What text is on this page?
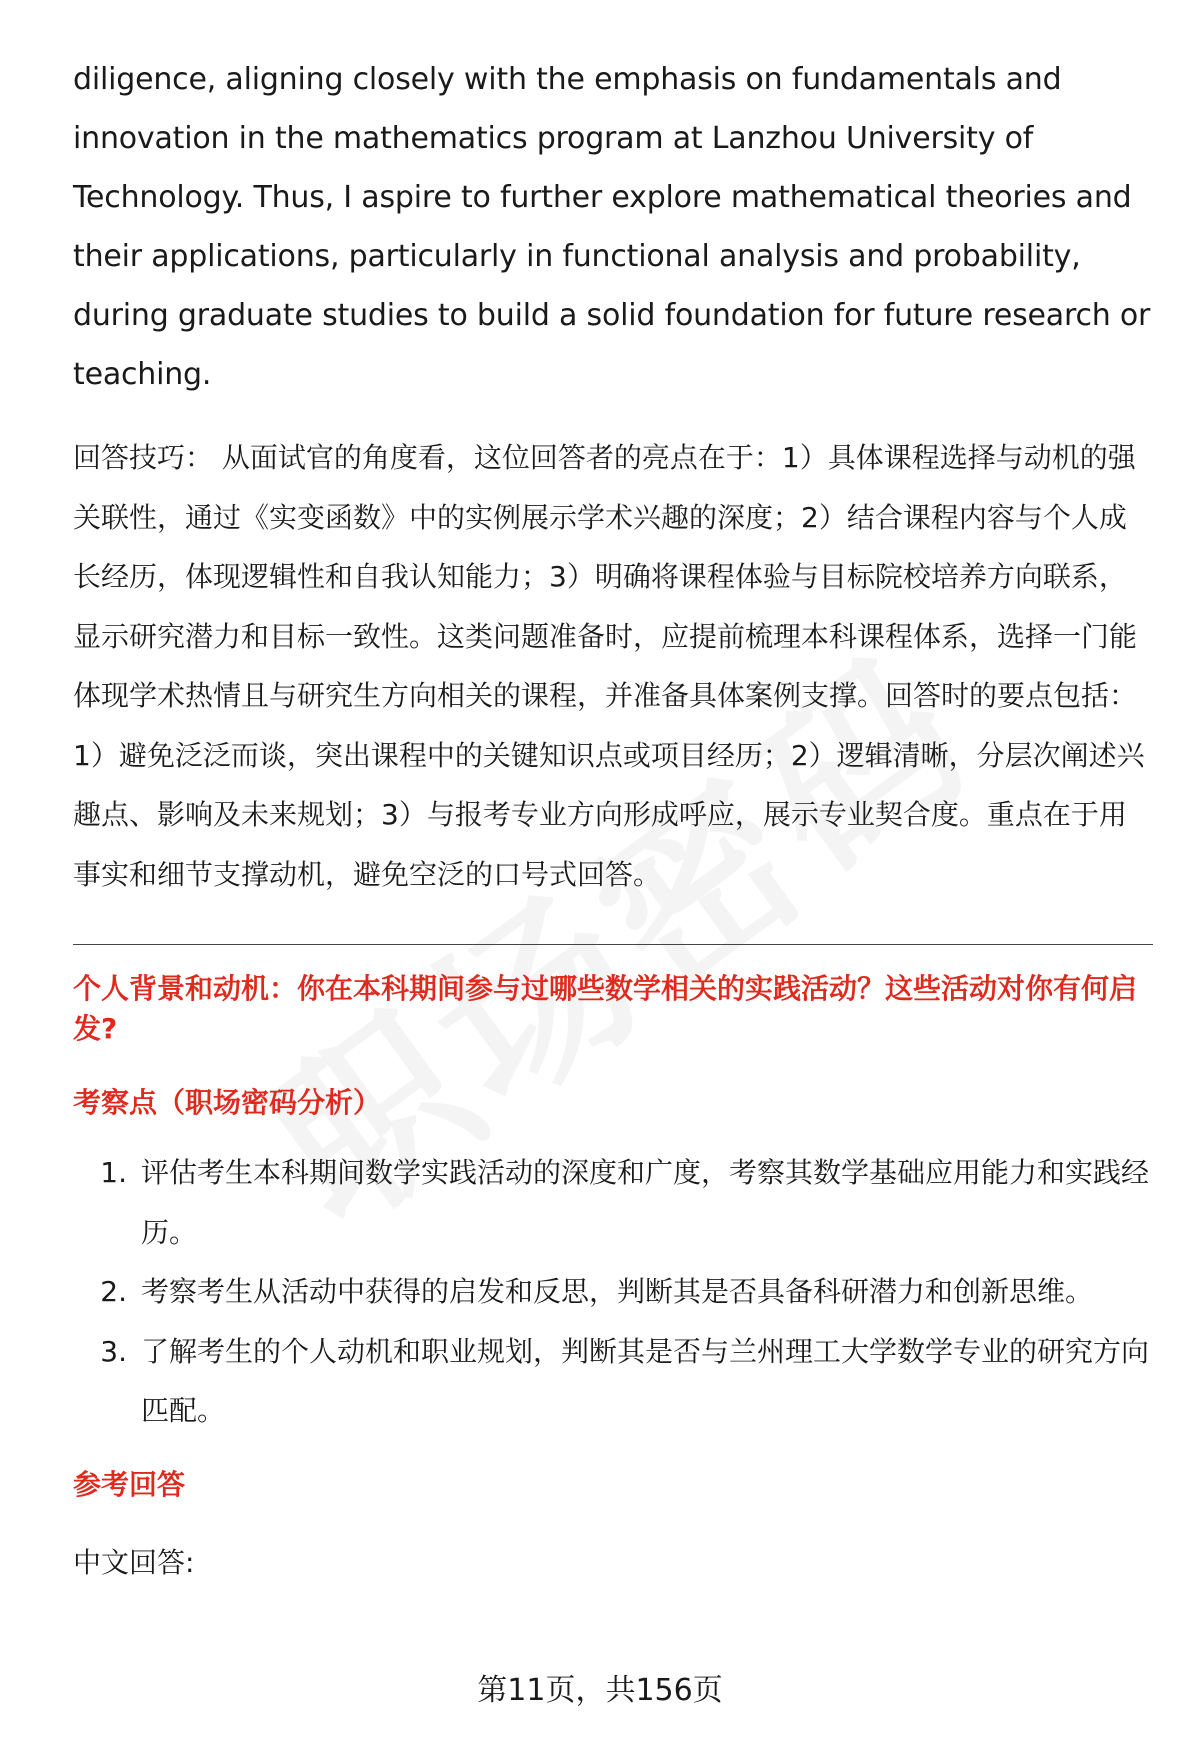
diligence, aligning closely with the emphasis on fundamentals and innovation in the mathematics program at Lanzhou University of Technology. Thus, I aspire to further explore mathematical theories and their applications, particularly in functional analysis and probability, during graduate studies to build a solid foundation for future research or teaching.

回答技巧： 从面试官的角度看，这位回答者的亮点在于：1）具体课程选择与动机的强关联性，通过《实变函数》中的实例展示学术兴趣的深度；2）结合课程内容与个人成长经历，体现逻辑性和自我认知能力；3）明确将课程体验与目标院校培养方向联系，显示研究潜力和目标一致性。这类问题准备时，应提前梳理本科课程体系，选择一门能体现学术热情且与研究生方向相关的课程，并准备具体案例支撑。回答时的要点包括：1）避免泛泛而谈，突出课程中的关键知识点或项目经历；2）逻辑清晰，分层次阐述兴趣点、影响及未来规划；3）与报考专业方向形成呼应，展示专业契合度。重点在于用事实和细节支撑动机，避免空泛的口号式回答。

个人背景和动机：你在本科期间参与过哪些数学相关的实践活动？这些活动对你有何启发?
考察点（职场密码分析）
1. 评估考生本科期间数学实践活动的深度和广度，考察其数学基础应用能力和实践经历。
2. 考察考生从活动中获得的启发和反思，判断其是否具备科研潜力和创新思维。
3. 了解考生的个人动机和职业规划，判断其是否与兰州理工大学数学专业的研究方向匹配。
参考回答
中文回答:
第11页，共156页
